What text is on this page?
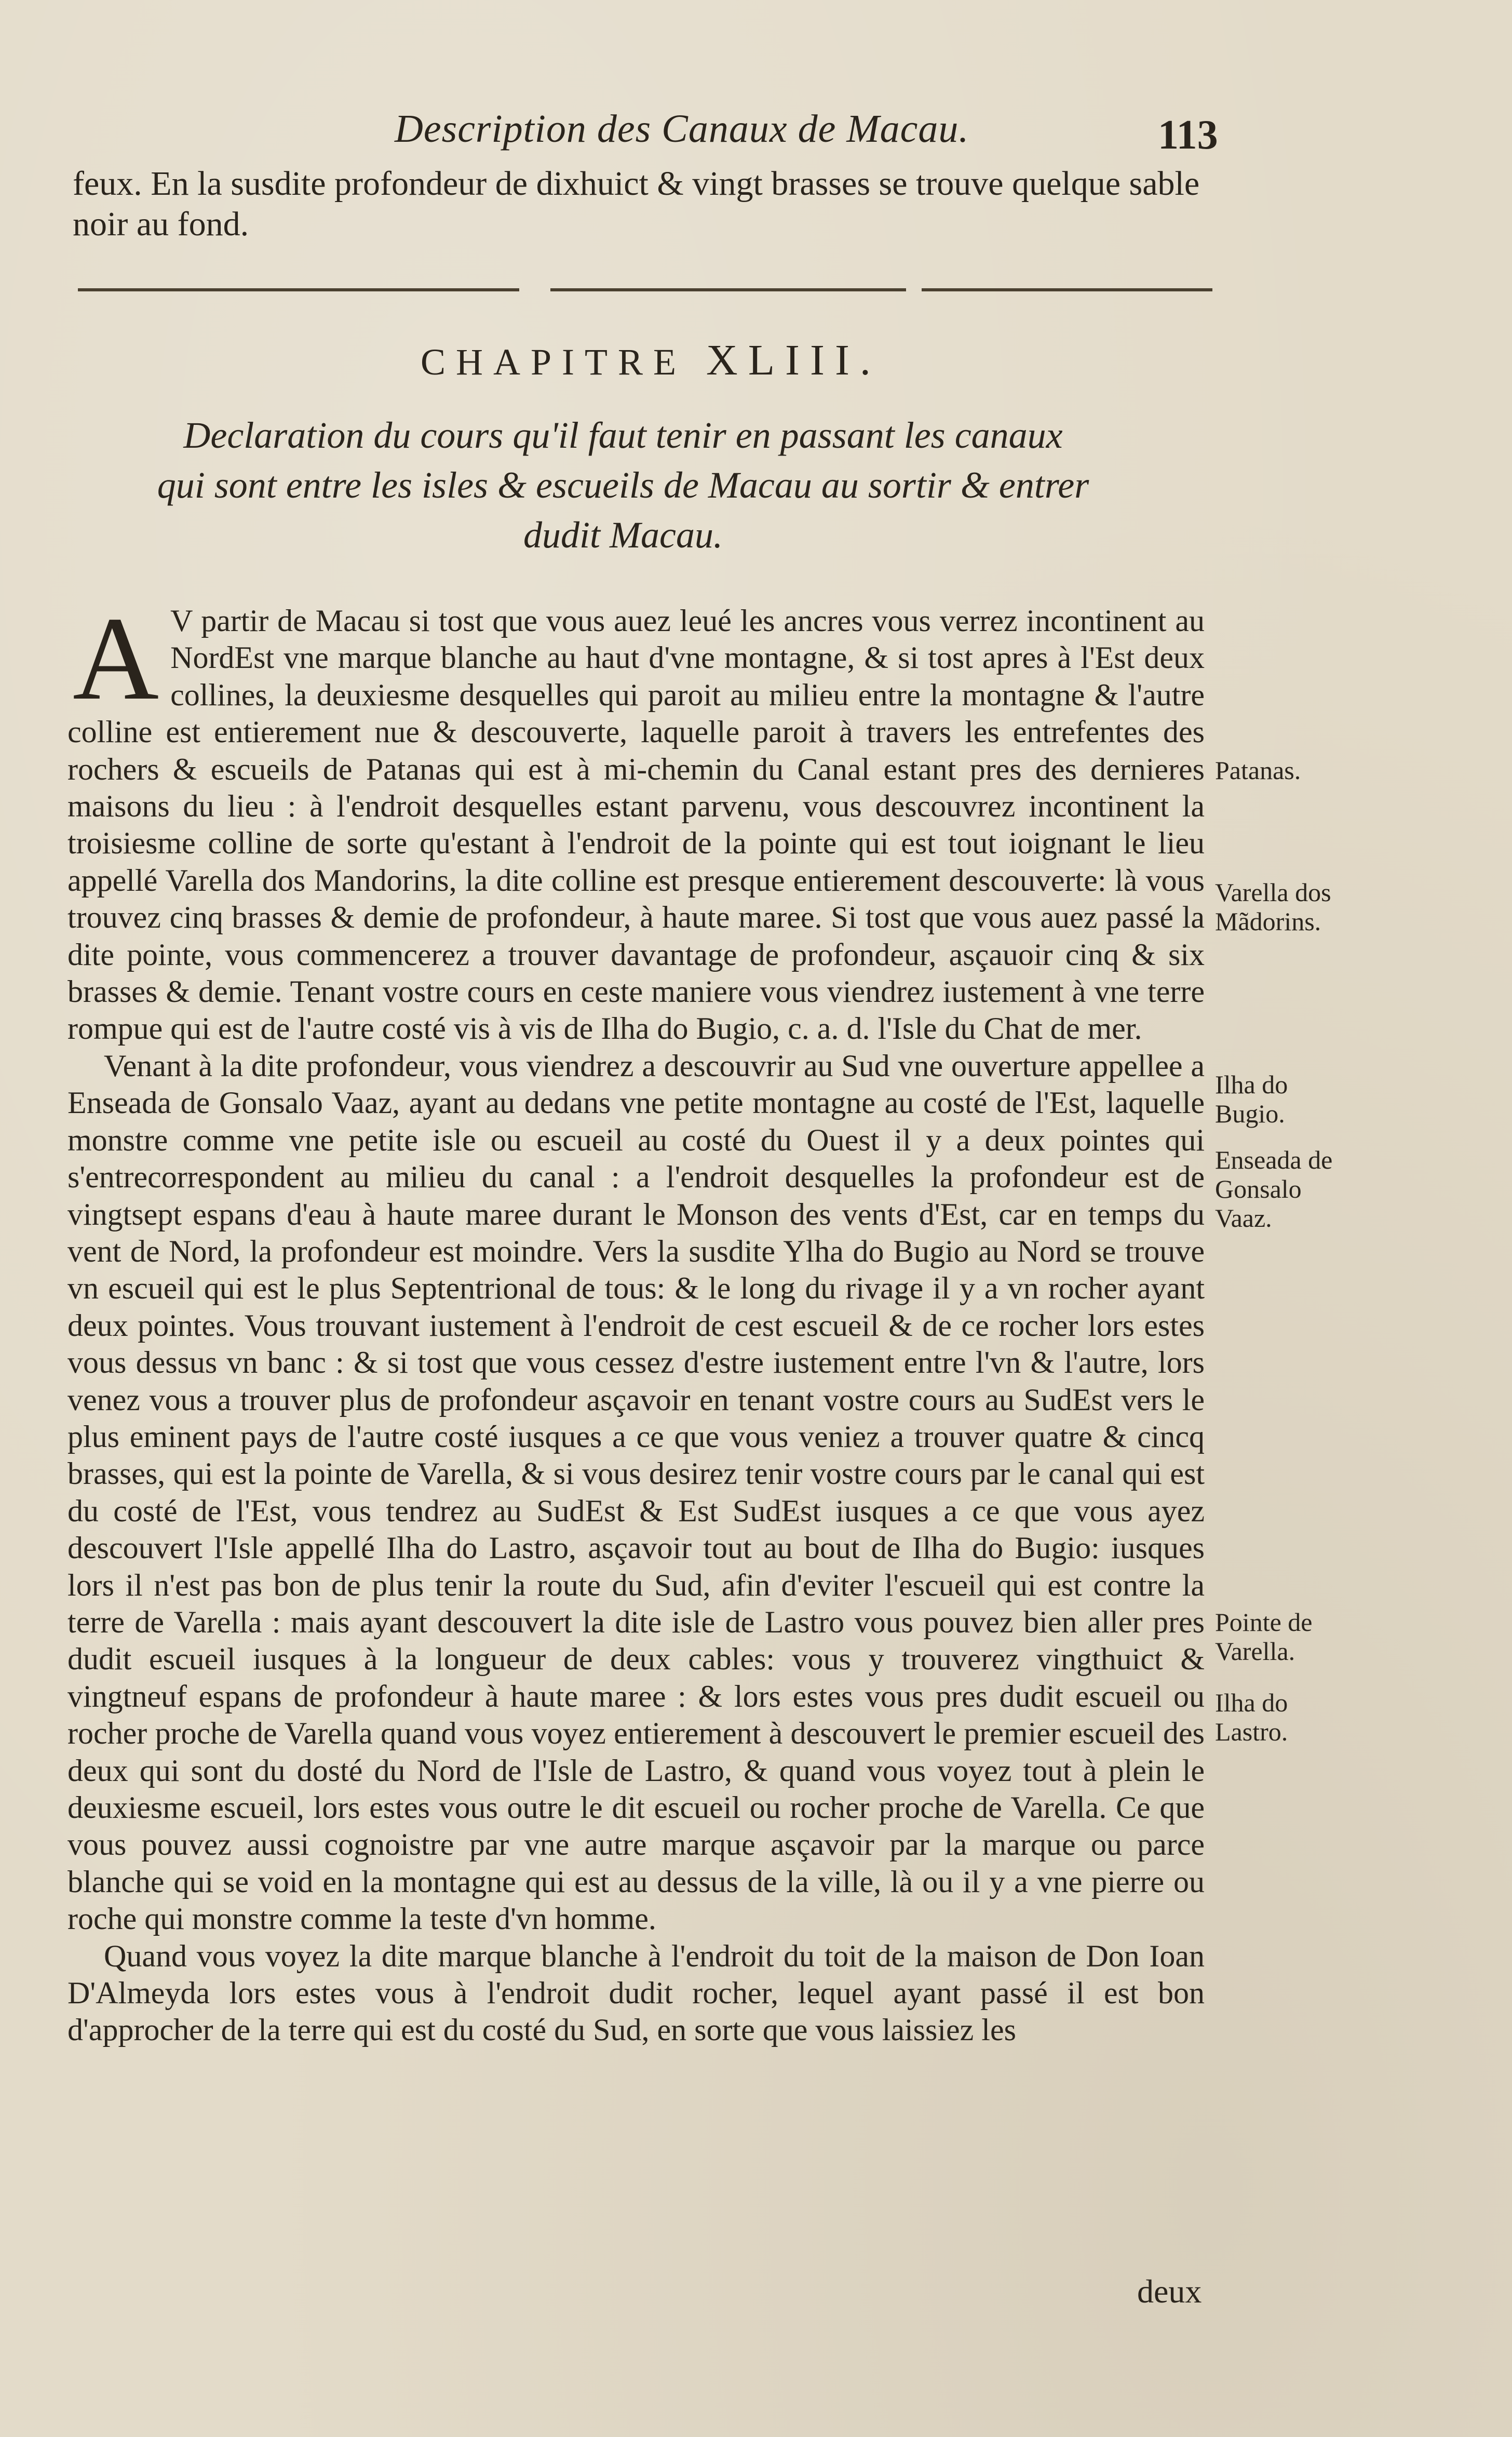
Description des Canaux de Macau.	113
feux. En la susdite profondeur de dixhuict & vingt brasses se trouve quelque sable noir au fond.
CHAPITRE XLIII.
Declaration du cours qu'il faut tenir en passant les canaux qui sont entre les isles & escueils de Macau au sortir & entrer dudit Macau.

A V partir de Macau si tost que vous auez leué les ancres vous verrez incontinent au NordEst vne marque blanche au haut d'vne montagne, & si tost apres à l'Est deux collines, la deuxiesme desquelles qui paroit au milieu entre la montagne & l'autre colline est entierement nue & descouverte, laquelle paroit à travers les entrefentes des rochers & escueils de Patanas qui est à mi-chemin du Canal estant pres des dernieres maisons du lieu : à l'endroit desquelles estant parvenu, vous descouvrez incontinent la troisiesme colline de sorte qu'estant à l'endroit de la pointe qui est tout ioignant le lieu appellé Varella dos Mandorins, la dite colline est presque entierement descouverte: là vous trouvez cinq brasses & demie de profondeur, à haute maree. Si tost que vous auez passé la dite pointe, vous commencerez a trouver davantage de profondeur, asçauoir cinq & six brasses & demie. Tenant vostre cours en ceste maniere vous viendrez iustement à vne terre rompue qui est de l'autre costé vis à vis de Ilha do Bugio, c. a. d. l'Isle du Chat de mer.

Venant à la dite profondeur, vous viendrez a descouvrir au Sud vne ouverture appellee a Enseada de Gonsalo Vaaz, ayant au dedans vne petite montagne au costé de l'Est, laquelle monstre comme vne petite isle ou escueil au costé du Ouest il y a deux pointes qui s'entrecorrespondent au milieu du canal : a l'endroit desquelles la profondeur est de vingtsept espans d'eau à haute maree durant le Monson des vents d'Est, car en temps du vent de Nord, la profondeur est moindre. Vers la susdite Ylha do Bugio au Nord se trouve vn escueil qui est le plus Septentrional de tous: & le long du rivage il y a vn rocher ayant deux pointes. Vous trouvant iustement à l'endroit de cest escueil & de ce rocher lors estes vous dessus vn banc : & si tost que vous cessez d'estre iustement entre l'vn & l'autre, lors venez vous a trouver plus de profondeur asçavoir en tenant vostre cours au SudEst vers le plus eminent pays de l'autre costé iusques a ce que vous veniez a trouver quatre & cincq brasses, qui est la pointe de Varella, & si vous desirez tenir vostre cours par le canal qui est du costé de l'Est, vous tendrez au SudEst & Est SudEst iusques a ce que vous ayez descouvert l'Isle appellé Ilha do Lastro, asçavoir tout au bout de Ilha do Bugio: iusques lors il n'est pas bon de plus tenir la route du Sud, afin d'eviter l'escueil qui est contre la terre de Varella : mais ayant descouvert la dite isle de Lastro vous pouvez bien aller pres dudit escueil iusques à la longueur de deux cables: vous y trouverez vingthuict & vingtneuf espans de profondeur à haute maree : & lors estes vous pres dudit escueil ou rocher proche de Varella quand vous voyez entierement à descouvert le premier escueil des deux qui sont du dosté du Nord de l'Isle de Lastro, & quand vous voyez tout à plein le deuxiesme escueil, lors estes vous outre le dit escueil ou rocher proche de Varella. Ce que vous pouvez aussi cognoistre par vne autre marque asçavoir par la marque ou parce blanche qui se void en la montagne qui est au dessus de la ville, là ou il y a vne pierre ou roche qui monstre comme la teste d'vn homme.

Quand vous voyez la dite marque blanche à l'endroit du toit de la maison de Don Ioan D'Almeyda lors estes vous à l'endroit dudit rocher, lequel ayant passé il est bon d'approcher de la terre qui est du costé du Sud, en sorte que vous laissiez les

Patanas.
Varella dos Mãdorins.
Ilha do Bugio.
Enseada de Gonsalo Vaaz.
Pointe de Varella.
Ilha do Lastro.
deux
